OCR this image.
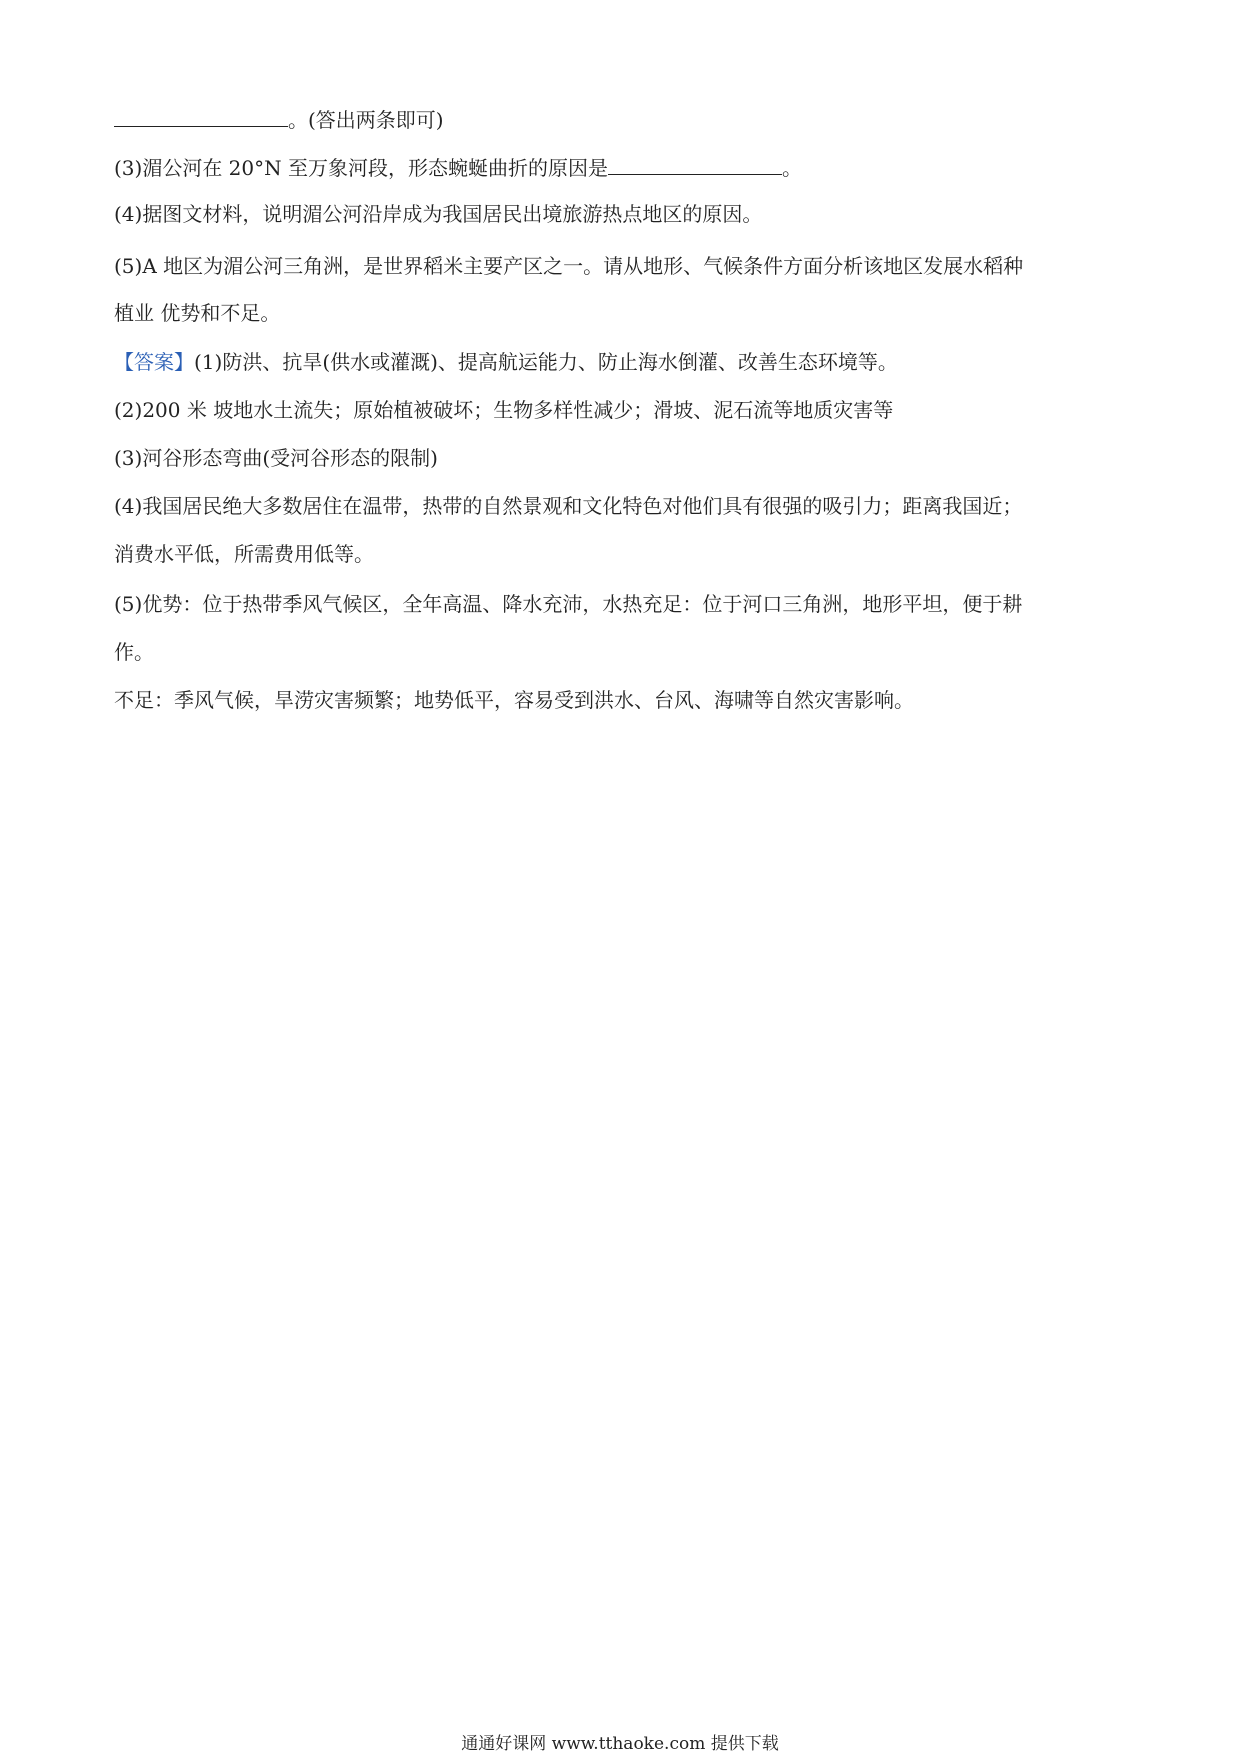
。(答出两条即可)
(3)湄公河在 20°N 至万象河段，形态蜿蜒曲折的原因是	。
(4)据图文材料，说明湄公河沿岸成为我国居民出境旅游热点地区的原因。
(5)A 地区为湄公河三角洲，是世界稻米主要产区之一。请从地形、气候条件方面分析该地区发展水稻种
植业 优势和不足。
【答案】(1)防洪、抗旱(供水或灌溉)、提高航运能力、防止海水倒灌、改善生态环境等。
(2)200 米 坡地水土流失；原始植被破坏；生物多样性减少；滑坡、泥石流等地质灾害等
(3)河谷形态弯曲(受河谷形态的限制)
(4)我国居民绝大多数居住在温带，热带的自然景观和文化特色对他们具有很强的吸引力；距离我国近；
消费水平低，所需费用低等。
(5)优势：位于热带季风气候区，全年高温、降水充沛，水热充足：位于河口三角洲，地形平坦，便于耕
作。
不足：季风气候，旱涝灾害频繁；地势低平，容易受到洪水、台风、海啸等自然灾害影响。
通通好课网 www.tthaoke.com 提供下载
